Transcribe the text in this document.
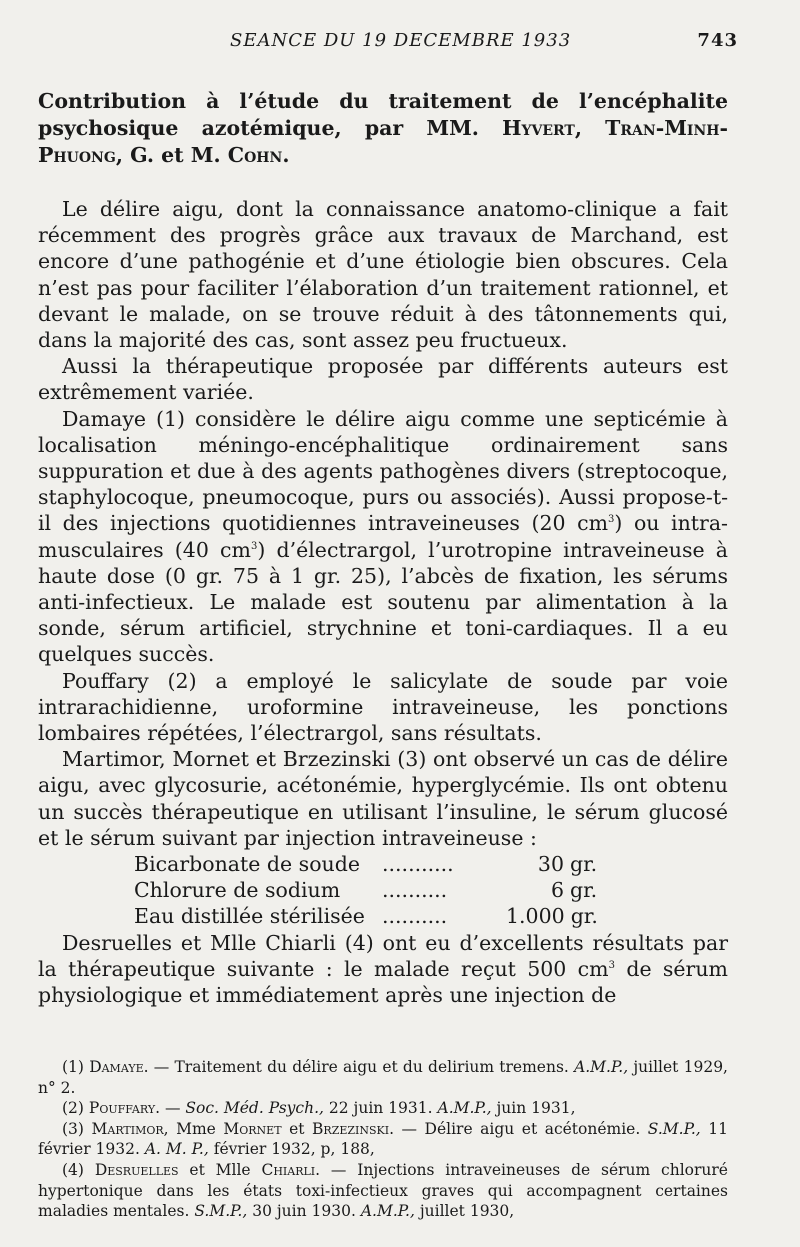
SEANCE DU 19 DECEMBRE 1933	743
Contribution à l’étude du traitement de l’encéphalite psychosique azotémique, par MM. Hyvert, Tran-Minh-Phuong, G. et M. Cohn.

Le délire aigu, dont la connaissance anatomo-clinique a fait récemment des progrès grâce aux travaux de Marchand, est encore d’une pathogénie et d’une étiologie bien obscures. Cela n’est pas pour faciliter l’élaboration d’un traitement rationnel, et devant le malade, on se trouve réduit à des tâtonnements qui, dans la majorité des cas, sont assez peu fructueux.

Aussi la thérapeutique proposée par différents auteurs est extrêmement variée.

Damaye (1) considère le délire aigu comme une septicémie à localisation méningo-encéphalitique ordinairement sans suppuration et due à des agents pathogènes divers (streptocoque, staphylocoque, pneumocoque, purs ou associés). Aussi propose-t-il des injections quotidiennes intraveineuses (20 $cm^3$) ou intra-musculaires (40 $cm^3$) d’électrargol, l’urotropine intraveineuse à haute dose (0 gr. 75 à 1 gr. 25), l’abcès de fixation, les sérums anti-infectieux. Le malade est soutenu par alimentation à la sonde, sérum artificiel, strychnine et toni-cardiaques. Il a eu quelques succès.

Pouffary (2) a employé le salicylate de soude par voie intrarachidienne, uroformine intraveineuse, les ponctions lombaires répétées, l’électrargol, sans résultats.

Martimor, Mornet et Brzezinski (3) ont observé un cas de délire aigu, avec glycosurie, acétonémie, hyperglycémie. Ils ont obtenu un succès thérapeutique en utilisant l’insuline, le sérum glucosé et le sérum suivant par injection intraveineuse :

Bicarbonate de soude	...........	30 gr.
Chlorure de sodium	..........	6 gr.
Eau distillée stérilisée ..........	1.000 gr.

Desruelles et Mlle Chiarli (4) ont eu d’excellents résultats par la thérapeutique suivante : le malade reçut 500 $cm^3$ de sérum physiologique et immédiatement après une injection de

(1) Damaye. — Traitement du délire aigu et du delirium tremens. A.M.P., juillet 1929, n° 2.

(2) Pouffary. — Soc. Méd. Psych., 22 juin 1931. A.M.P., juin 1931,

(3) Martimor, Mme Mornet et Brzezinski. — Délire aigu et acétonémie. S.M.P., 11 février 1932. A. M. P., février 1932, p, 188,

(4) Desruelles et Mlle Chiarli. — Injections intraveineuses de sérum chloruré hypertonique dans les états toxi-infectieux graves qui accompagnent certaines maladies mentales. S.M.P., 30 juin 1930. A.M.P., juillet 1930,
